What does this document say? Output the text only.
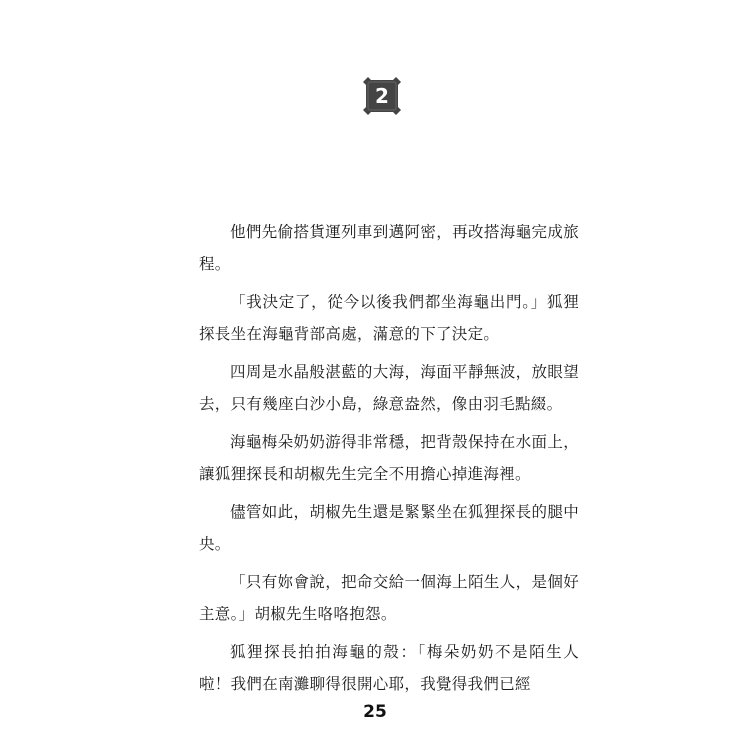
2

他們先偷搭貨運列車到邁阿密，再改搭海龜完成旅程。

「我決定了，從今以後我們都坐海龜出門。」狐狸探長坐在海龜背部高處，滿意的下了決定。

四周是水晶般湛藍的大海，海面平靜無波，放眼望去，只有幾座白沙小島，綠意盎然，像由羽毛點綴。

海龜梅朵奶奶游得非常穩，把背殼保持在水面上，讓狐狸探長和胡椒先生完全不用擔心掉進海裡。

儘管如此，胡椒先生還是緊緊坐在狐狸探長的腿中央。

「只有妳會說，把命交給一個海上陌生人，是個好主意。」胡椒先生咯咯抱怨。

狐狸探長拍拍海龜的殼：「梅朵奶奶不是陌生人啦！我們在南灘聊得很開心耶，我覺得我們已經

25
